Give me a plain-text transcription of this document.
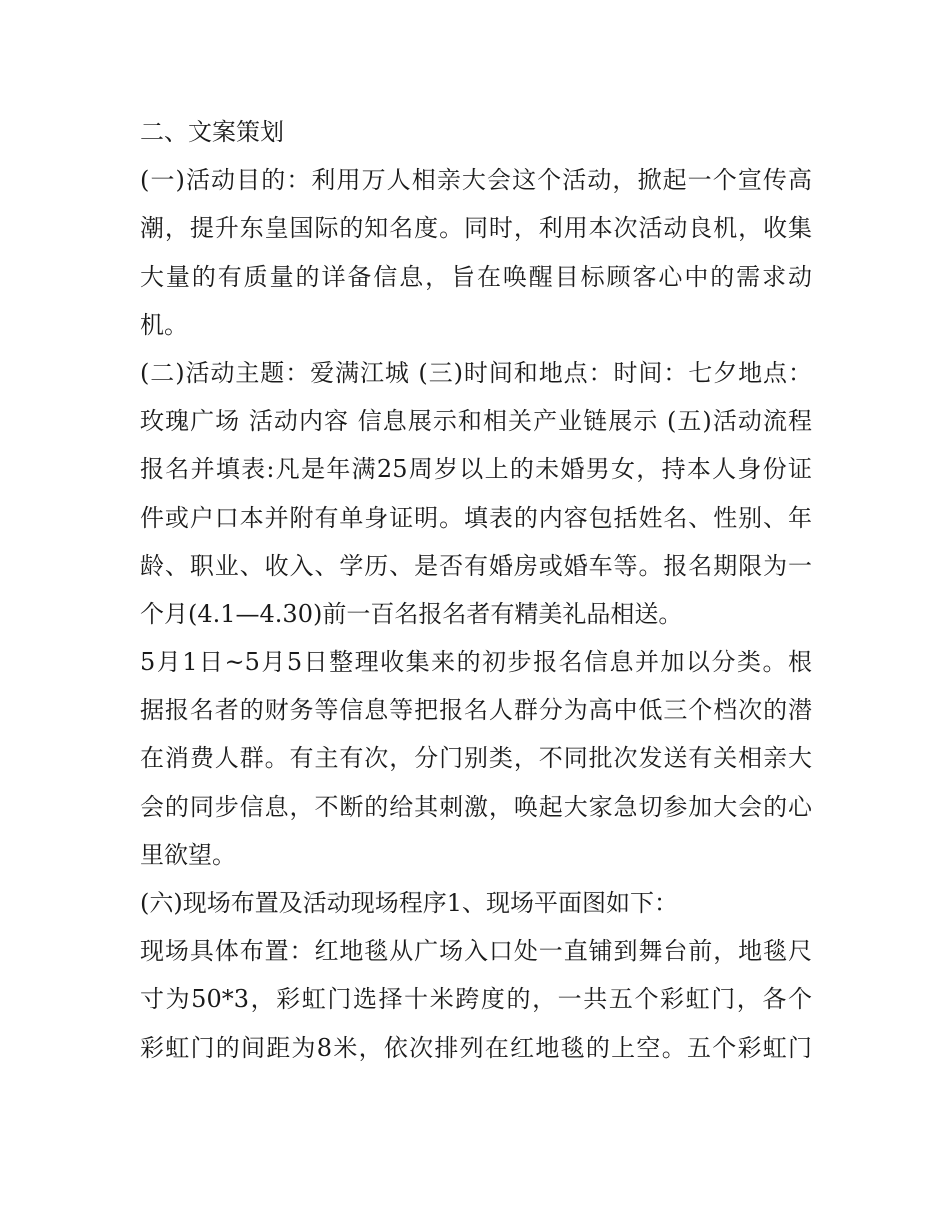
二、文案策划
(一)活动目的：利用万人相亲大会这个活动，掀起一个宣传高
潮，提升东皇国际的知名度。同时，利用本次活动良机，收集
大量的有质量的详备信息，旨在唤醒目标顾客心中的需求动
机。
(二)活动主题：爱满江城 (三)时间和地点：时间：七夕地点：
玫瑰广场 活动内容 信息展示和相关产业链展示 (五)活动流程
报名并填表:凡是年满25周岁以上的未婚男女，持本人身份证
件或户口本并附有单身证明。填表的内容包括姓名、性别、年
龄、职业、收入、学历、是否有婚房或婚车等。报名期限为一
个月(4.1—4.30)前一百名报名者有精美礼品相送。
5月1日~5月5日整理收集来的初步报名信息并加以分类。根
据报名者的财务等信息等把报名人群分为高中低三个档次的潜
在消费人群。有主有次，分门别类，不同批次发送有关相亲大
会的同步信息，不断的给其刺激，唤起大家急切参加大会的心
里欲望。
(六)现场布置及活动现场程序1、现场平面图如下：
现场具体布置：红地毯从广场入口处一直铺到舞台前，地毯尺
寸为50*3，彩虹门选择十米跨度的，一共五个彩虹门，各个
彩虹门的间距为8米，依次排列在红地毯的上空。五个彩虹门
